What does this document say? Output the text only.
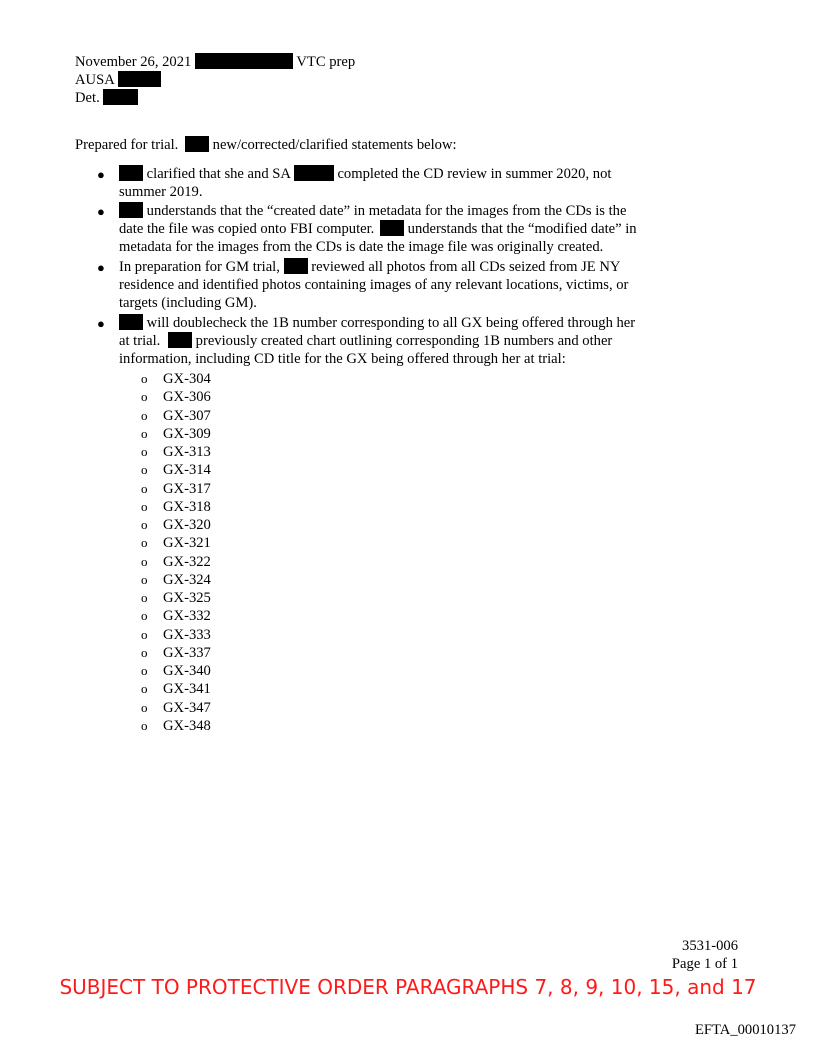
November 26, 2021	VTC prep
AUSA
Det.
Prepared for trial. new/corrected/clarified statements below:
●	clarified that she and SA	completed the CD review in summer 2020, not
summer 2019.
●	understands that the “created date” in metadata for the images from the CDs is the
date the file was copied onto FBI computer. understands that the “modified date” in
metadata for the images from the CDs is date the image file was originally created.
● In preparation for GM trial, reviewed all photos from all CDs seized from JE NY
residence and identified photos containing images of any relevant locations, victims, or
targets (including GM).
●	will doublecheck the 1B number corresponding to all GX being offered through her
at trial. previously created chart outlining corresponding 1B numbers and other
information, including CD title for the GX being offered through her at trial:
o GX-304
o GX-306
o GX-307
o GX-309
o GX-313
o GX-314
o GX-317
o GX-318
o GX-320
o GX-321
o GX-322
o GX-324
o GX-325
o GX-332
o GX-333
o GX-337
o GX-340
o GX-341
o GX-347
o GX-348
3531-006
Page 1 of 1
SUBJECT TO PROTECTIVE ORDER PARAGRAPHS 7, 8, 9, 10, 15, and 17
EFTA_00010137
